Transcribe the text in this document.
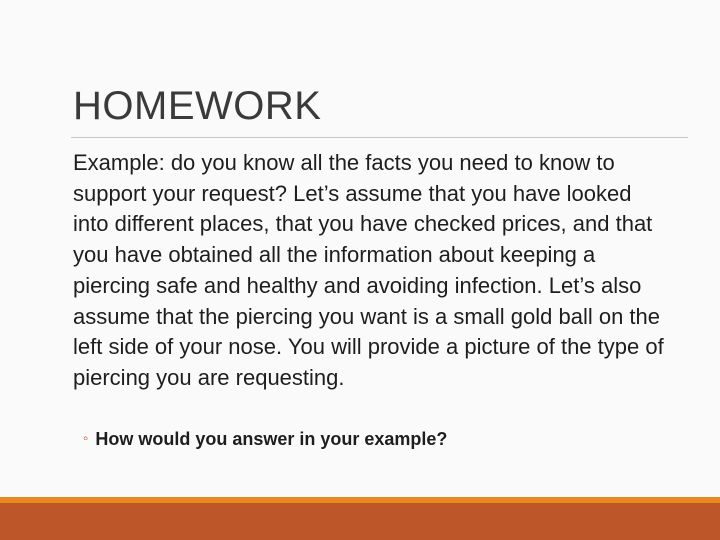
HOMEWORK

Example: do you know all the facts you need to know to support your request? Let’s assume that you have looked into different places, that you have checked prices, and that you have obtained all the information about keeping a piercing safe and healthy and avoiding infection. Let’s also assume that the piercing you want is a small gold ball on the left side of your nose. You will provide a picture of the type of piercing you are requesting.

◦ How would you answer in your example?
